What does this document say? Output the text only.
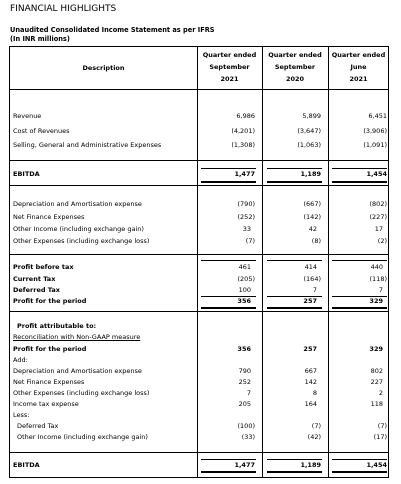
FINANCIAL HIGHLIGHTS
Unaudited Consolidated Income Statement as per IFRS
(In INR millions)
Description
Quarter ended
September
2021
Quarter ended
September
2020
Quarter ended
June
2021
Revenue	6,986	5,899	6,451
Cost of Revenues	(4,201)	(3,647)	(3,906)
Selling, General and Administrative Expenses	(1,308)	(1,063)	(1,091)
EBITDA	1,477	1,189	1,454
Depreciation and Amortisation expense	(790)	(667)	(802)
Net Finance Expenses	(252)	(142)	(227)
Other Income (including exchange gain)	33	42	17
Other Expenses (including exchange loss)	(7)	(8)	(2)
Profit before tax	461	414	440
Current Tax	(205)	(164)	(118)
Deferred Tax	100	7	7
Profit for the period	356	257	329
Profit attributable to:
Reconciliation with Non-GAAP measure
Profit for the period	356	257	329
Add:
Depreciation and Amortisation expense	790	667	802
Net Finance Expenses	252	142	227
Other Expenses (including exchange loss)	7	8	2
Income tax expense	205	164	118
Less:
Deferred Tax	(100)	(7)	(7)
Other Income (including exchange gain)	(33)	(42)	(17)
EBITDA	1,477	1,189	1,454
